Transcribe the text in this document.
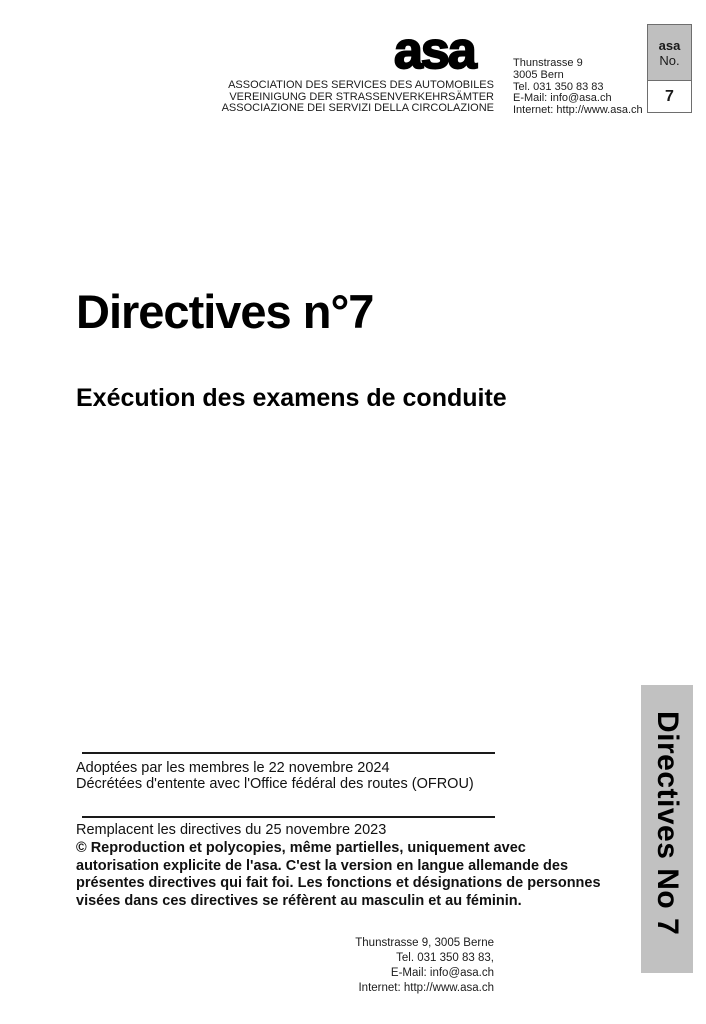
asa
ASSOCIATION DES SERVICES DES AUTOMOBILES
VEREINIGUNG DER STRASSENVERKEHRSÄMTER
ASSOCIAZIONE DEI SERVIZI DELLA CIRCOLAZIONE
Thunstrasse 9
3005 Bern
Tel. 031 350 83 83
E-Mail: info@asa.ch
Internet: http://www.asa.ch
asa
No.
7
Directives n°7
Exécution des examens de conduite
Adoptées par les membres le 22 novembre 2024
Décrétées d'entente avec l'Office fédéral des routes (OFROU)
Remplacent les directives du 25 novembre 2023
© Reproduction et polycopies, même partielles, uniquement avec
autorisation explicite de l'asa. C'est la version en langue allemande des
présentes directives qui fait foi. Les fonctions et désignations de personnes
visées dans ces directives se réfèrent au masculin et au féminin.
Thunstrasse 9, 3005 Berne
Tel. 031 350 83 83,
E-Mail: info@asa.ch
Internet: http://www.asa.ch
Directives No 7
